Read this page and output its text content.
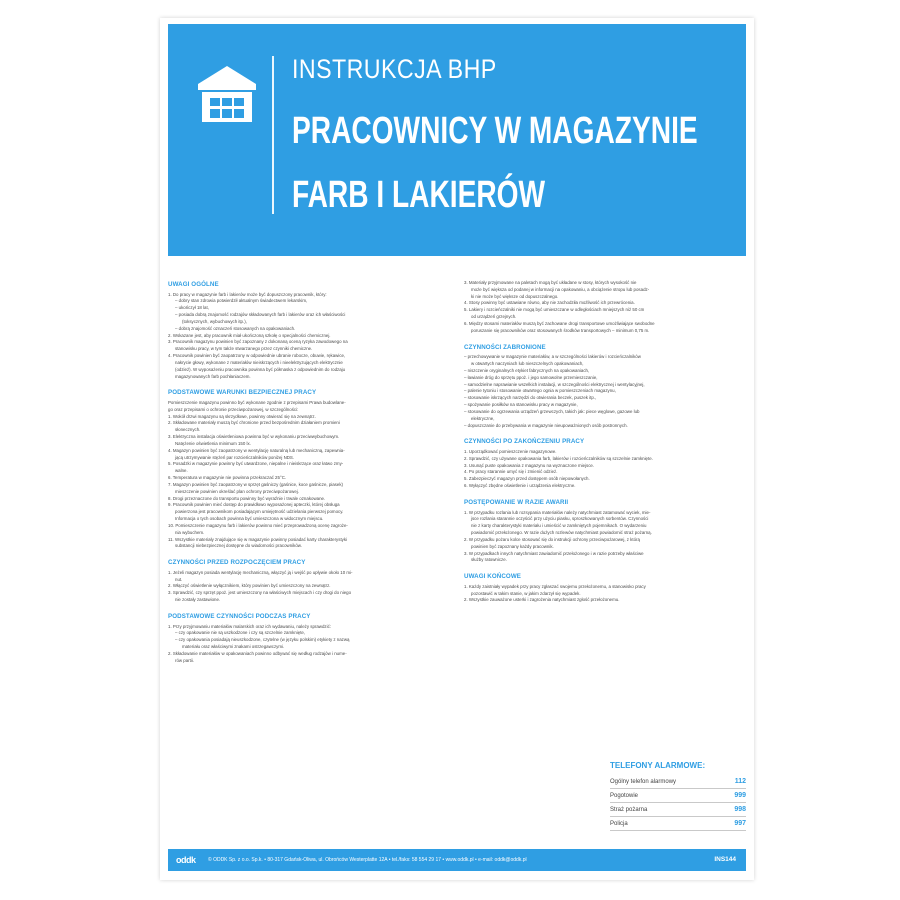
INSTRUKCJA BHP
PRACOWNICY W MAGAZYNIE
FARB I LAKIERÓW
UWAGI OGÓLNE
1. Do pracy w magazynie farb i lakierów może być dopuszczony pracownik, który:
– dobry stan zdrowia potwierdził aktualnym świadectwem lekarskim,
– ukończył 18 lat,
– posiada dobrą znajomość rodzajów składowanych farb i lakierów oraz ich właściwości
(toksycznych, wybuchowych itp.),
– dobrą znajomość oznaczeń stosowanych na opakowaniach.
2. Wskazane jest, aby pracownik miał ukończoną szkołę o specjalności chemicznej.
3. Pracownik magazynu powinien być zapoznany z dokonaną oceną ryzyka zawodowego na
stanowisku pracy, w tym także stwarzanego przez czynniki chemiczne.
4. Pracownik powinien być zaopatrzony w odpowiednie ubranie robocze, obuwie, rękawice,
nakrycie głowy, wykonane z materiałów nieiskrzących i nieelektryzujących elektrycznie
(odzież). W wyposażeniu pracownika powinna być półmaska z odpowiednim do rodzaju
magazynowanych farb pochłaniaczem.
PODSTAWOWE WARUNKI BEZPIECZNEJ PRACY
Pomieszczenie magazynu powinno być wykonane zgodnie z przepisami Prawa budowlane-
go oraz przepisami o ochronie przeciwpożarowej, w szczególności:
1. Wokół drzwi magazynu są skrzydłowe, powinny otwierać się na zewnątrz.
2. Składowane materiały muszą być chronione przed bezpośrednim działaniem promieni
słonecznych.
3. Elektryczna instalacja oświetleniowa powinna być w wykonaniu przeciwwybuchowym.
Natężenie oświetlenia minimum 150 lx.
4. Magazyn powinien być zaopatrzony w wentylację naturalną lub mechaniczną, zapewnia-
jącą utrzymywanie stężeń par rozcieńczalników poniżej NDS.
5. Posadzki w magazynie powinny być utwardzone, niepalne i nieiskrzące oraz łatwo zmy-
walne.
6. Temperatura w magazynie nie powinna przekraczać 25°C.
7. Magazyn powinien być zaopatrzony w sprzęt gaśniczy (gaśnice, koce gaśnicze, piasek)
mieszczenie powinien określać plan ochrony przeciwpożarowej.
8. Drogi przeznaczone do transportu powinny być wyraźnie i trwale oznakowane.
9. Pracownik powinien mieć dostęp do prawidłowo wyposażonej apteczki, której obsługa
powierzona jest pracownikom posiadającym umiejętność udzielania pierwszej pomocy.
Informacja o tych osobach powinna być umieszczona w widocznym miejscu.
10. Pomieszczenie magazynu farb i lakierów powinno mieć przeprowadzoną ocenę zagroże-
nia wybuchem.
11. Wszystkie materiały znajdujące się w magazynie powinny posiadać karty charakterystyki
substancji niebezpiecznej dostępne do wiadomości pracowników.
CZYNNOŚCI PRZED ROZPOCZĘCIEM PRACY
1. Jeżeli magazyn posiada wentylację mechaniczną, włączyć ją i wejść po upływie około 10 mi-
nut.
2. Włączyć oświetlenie wyłącznikiem, który powinien być umieszczony na zewnątrz.
3. Sprawdzić, czy sprzęt ppoż. jest umieszczony na właściwych miejscach i czy drogi do niego
nie zostały zastawione.
PODSTAWOWE CZYNNOŚCI PODCZAS PRACY
1. Przy przyjmowaniu materiałów malarskich oraz ich wydawaniu, należy sprawdzić:
– czy opakowanie nie są uszkodzone i czy są szczelnie zamknięte,
– czy opakowania posiadają nieuszkodzone, czytelne (w języku polskim) etykiety z nazwą
materiału oraz właściwymi znakami ostrzegawczymi.
2. Składowanie materiałów w opakowaniach powinno odbywać się według rodzajów i nume-
rów partii.
3. Materiały przyjmowane na paletach mogą być układane w stosy, których wysokość nie
może być większa od podanej w informacji na opakowaniu, a obciążenie stropu lub posadz-
ki nie może być większe od dopuszczalnego.
4. Stosy powinny być ustawiane równo, aby nie zachodziła możliwość ich przewrócenia.
5. Lakiery i rozcieńczalniki nie mogą być umieszczane w odległościach mniejszych niż 50 cm
od urządzeń grzejnych.
6. Między stosami materiałów muszą być zachowane drogi transportowe umożliwiające swobodne
poruszanie się pracowników oraz stosowanych środków transportowych – minimum 0,75 m.
CZYNNOŚCI ZABRONIONE
– przechowywanie w magazynie materiałów, a w szczególności lakierów i rozcieńczalników
w otwartych naczyniach lub nieszczelnych opakowaniach,
– niszczenie oryginalnych etykiet fabrycznych na opakowaniach,
– ławianie dróg do sprzętu ppoż. i jego samowolne przemieszczanie,
– samodzielne naprawianie wszelkich instalacji, w szczególności elektrycznej i wentylacyjnej,
– palenie tytoniu i stosowanie otwartego ognia w pomieszczeniach magazynu,
– stosowanie iskrzących narzędzi do otwierania beczek, puszek itp.,
– spożywanie posiłków na stanowisku pracy w magazynie,
– stosowanie do ogrzewania urządzeń grzewczych, takich jak: piece węglowe, gazowe lub
elektryczne,
– dopuszczanie do przebywania w magazynie nieupoważnionych osób postronnych.
CZYNNOŚCI PO ZAKOŃCZENIU PRACY
1. Uporządkować pomieszczenie magazynowe.
2. Sprawdzić, czy używane opakowania farb, lakierów i rozcieńczalników są szczelnie zamknięte.
3. Usunąć puste opakowania z magazynu na wyznaczone miejsce.
4. Po pracy starannie umyć się i zmienić odzież.
5. Zabezpieczyć magazyn przed dostępem osób niepowołanych.
6. Wyłączyć zbędne oświetlenie i urządzenia elektryczne.
POSTĘPOWANIE W RAZIE AWARII
1. W przypadku rozlania lub rozsypania materiałów należy natychmiast zatamować wyciek, mie-
jsce rozlania starannie oczyścić przy użyciu piasku, sproszkowanych sorbentów. Czynności
nie z karty charakterystyki materiału i umieścić w zamkniętych pojemnikach. O wydarzeniu
powiadomić przełożonego. W razie dużych rozlewów natychmiast powiadomić straż pożarną.
2. W przypadku pożaru kolce stosować się do instrukcji ochrony przeciwpożarowej, z którą
powinien być zapoznany każdy pracownik.
3. W przypadkach innych natychmiast zawiadomić przełożonego i w razie potrzeby właściwe
służby ratownicze.
UWAGI KOŃCOWE
1. Każdy zaistniały wypadek przy pracy zgłaszać swojemu przełożonemu, a stanowisko pracy
pozostawić w takim stanie, w jakim zdarzył się wypadek.
2. Wszystkie zauważone usterki i zagrożenia natychmiast zgłość przełożonemu.
TELEFONY ALARMOWE:
Ogólny telefon alarmowy	112
Pogotowie	999
Straż pożarna	998
Policja	997
oddk	© ODDK Sp. z o.o. Sp.k. • 80-317 Gdańsk-Oliwa, ul. Obrońców Westerplatte 12A • tel./faks: 58 554 29 17 • www.oddk.pl • e-mail: oddk@oddk.pl	INS144
